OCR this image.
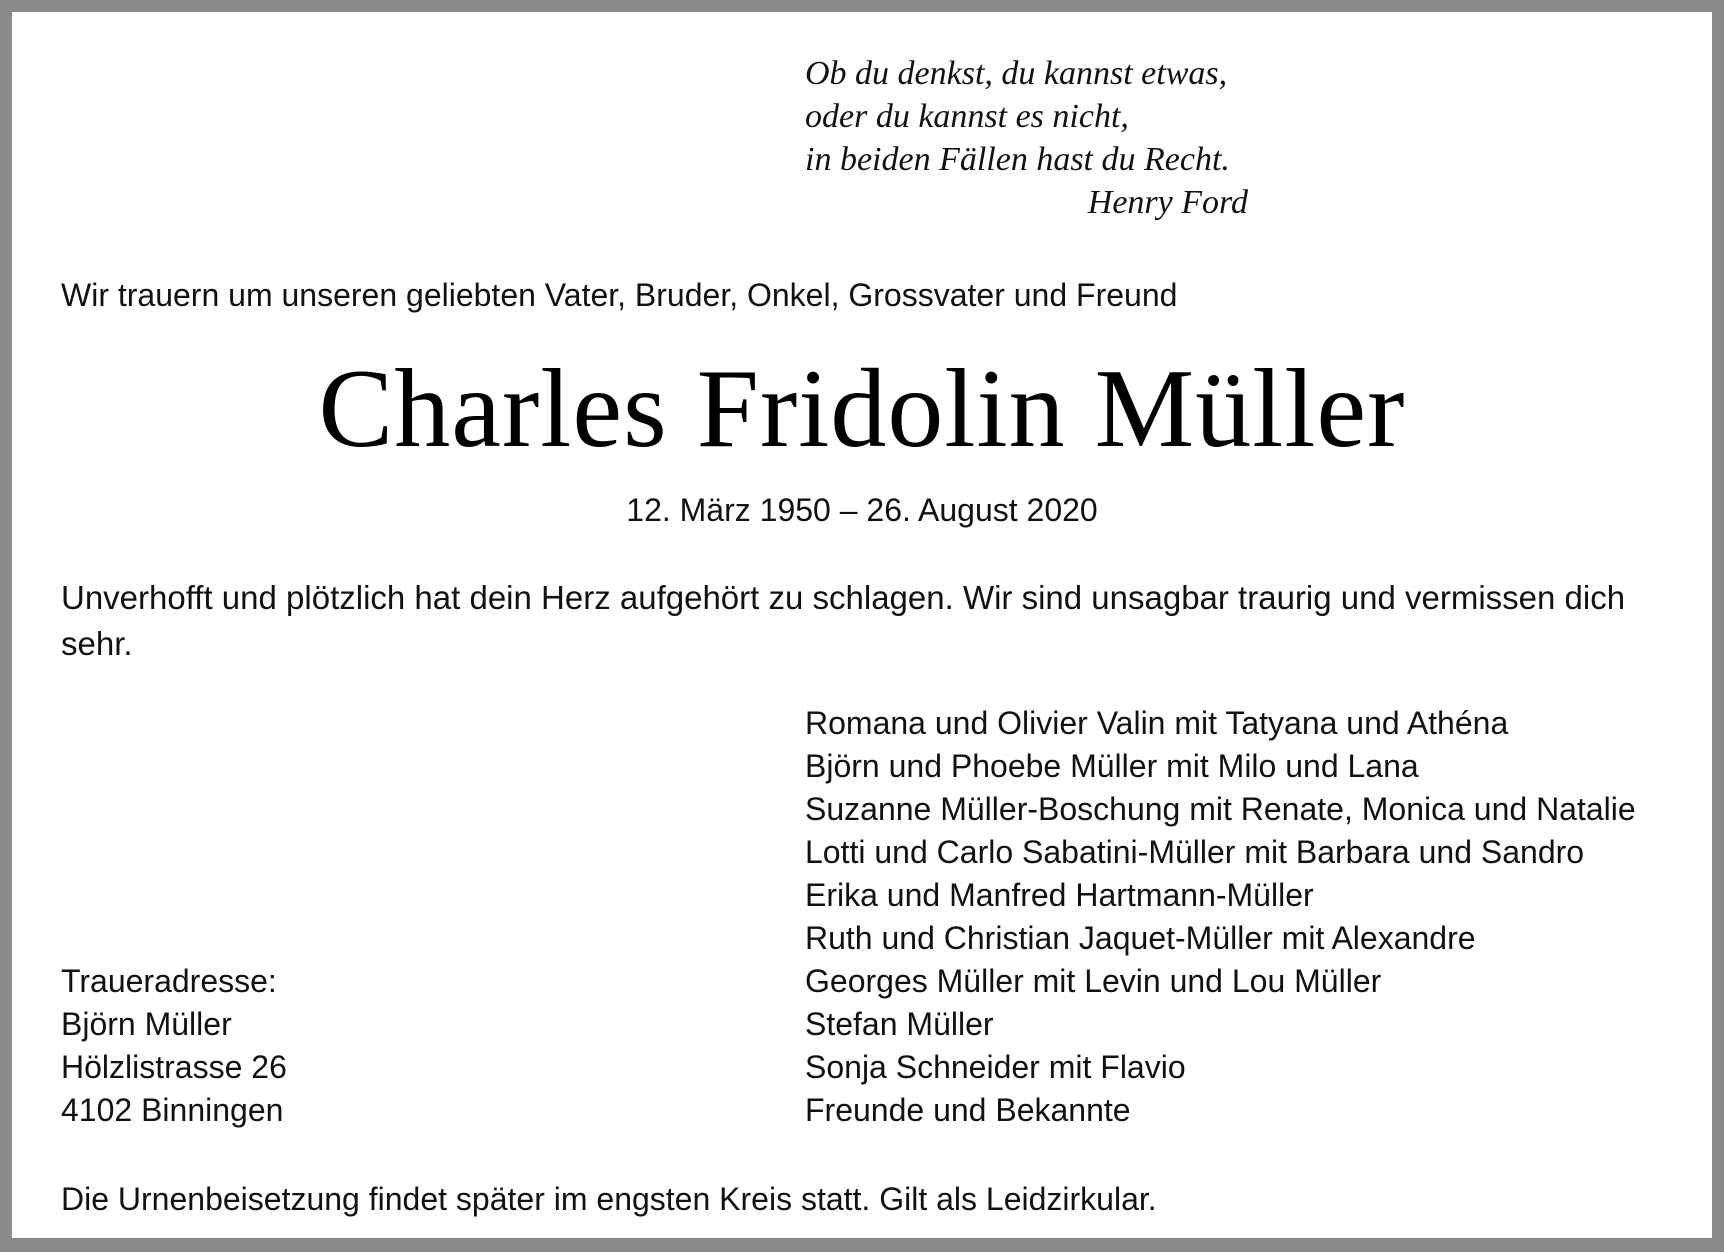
Ob du denkst, du kannst etwas,
oder du kannst es nicht,
in beiden Fällen hast du Recht.
Henry Ford
Wir trauern um unseren geliebten Vater, Bruder, Onkel, Grossvater und Freund
Charles Fridolin Müller
12. März 1950 – 26. August 2020
Unverhofft und plötzlich hat dein Herz aufgehört zu schlagen. Wir sind unsagbar traurig und vermissen dich sehr.
Romana und Olivier Valin mit Tatyana und Athéna
Björn und Phoebe Müller mit Milo und Lana
Suzanne Müller-Boschung mit Renate, Monica und Natalie
Lotti und Carlo Sabatini-Müller mit Barbara und Sandro
Erika und Manfred Hartmann-Müller
Ruth und Christian Jaquet-Müller mit Alexandre
Georges Müller mit Levin und Lou Müller
Stefan Müller
Sonja Schneider mit Flavio
Freunde und Bekannte
Traueradresse:
Björn Müller
Hölzlistrasse 26
4102 Binningen
Die Urnenbeisetzung findet später im engsten Kreis statt. Gilt als Leidzirkular.
